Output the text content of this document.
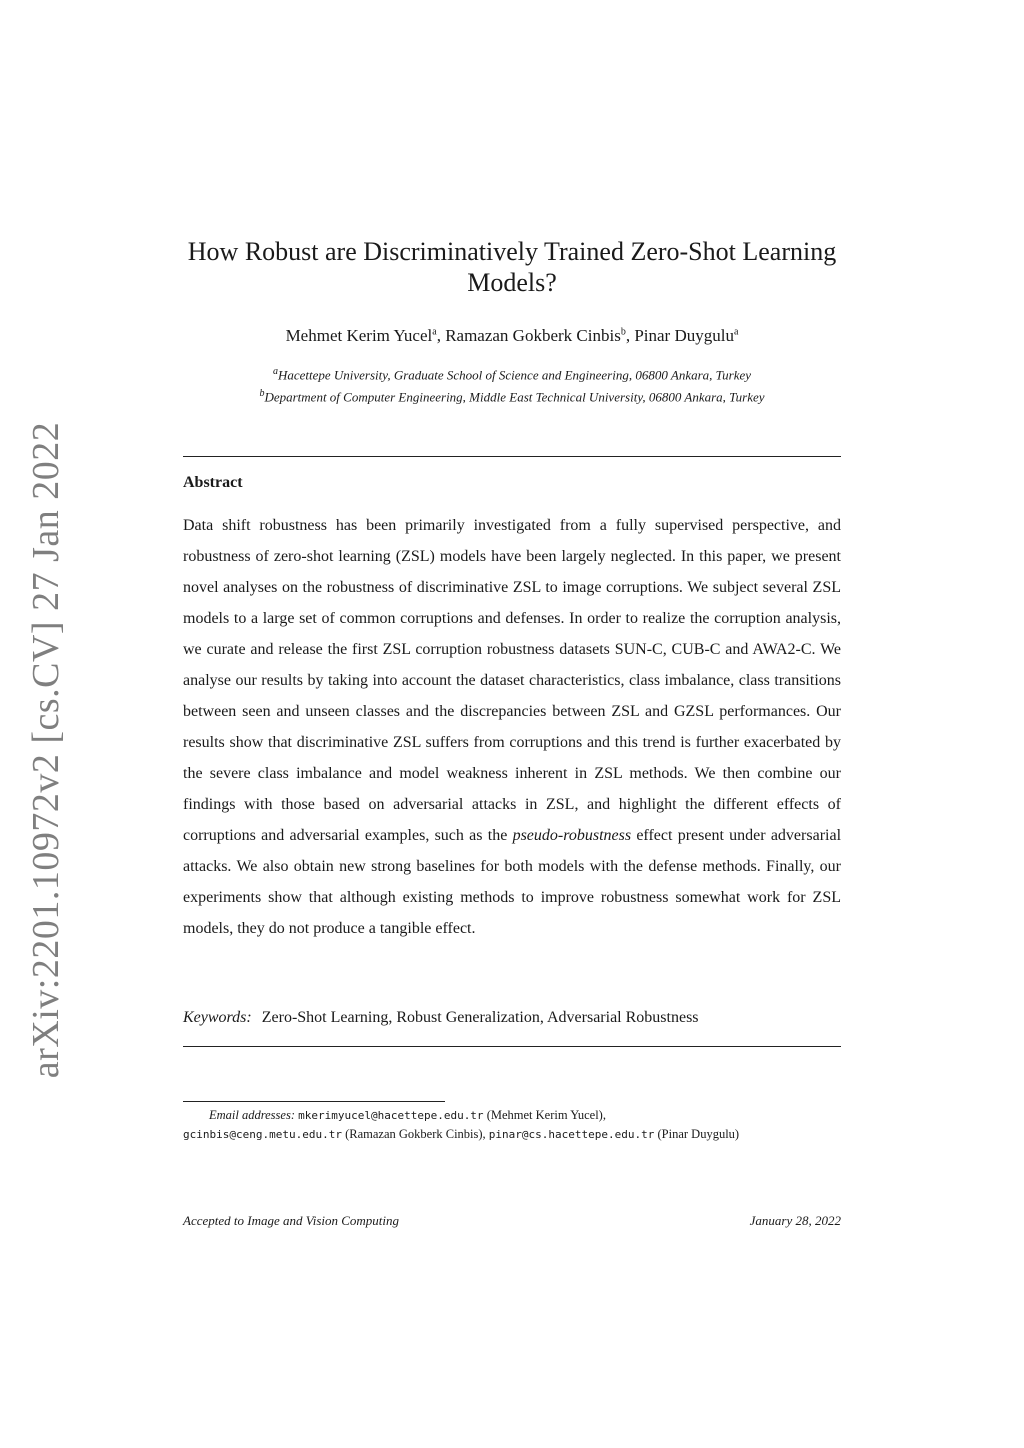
arXiv:2201.10972v2 [cs.CV] 27 Jan 2022
How Robust are Discriminatively Trained Zero-Shot Learning
Models?
Mehmet Kerim Yucel$^a$, Ramazan Gokberk Cinbis$^b$, Pinar Duygulu$^a$
$^a$Hacettepe University, Graduate School of Science and Engineering, 06800 Ankara, Turkey
$^b$Department of Computer Engineering, Middle East Technical University, 06800 Ankara, Turkey
Abstract

Data shift robustness has been primarily investigated from a fully supervised perspective, and robustness of zero-shot learning (ZSL) models have been largely neglected. In this paper, we present novel analyses on the robustness of discriminative ZSL to image corruptions. We subject several ZSL models to a large set of common corruptions and defenses. In order to realize the corruption analysis, we curate and release the first ZSL corruption robustness datasets SUN-C, CUB-C and AWA2-C. We analyse our results by taking into account the dataset characteristics, class imbalance, class transitions between seen and unseen classes and the discrepancies between ZSL and GZSL performances. Our results show that discriminative ZSL suffers from corruptions and this trend is further exacerbated by the severe class imbalance and model weakness inherent in ZSL methods. We then combine our findings with those based on adversarial attacks in ZSL, and highlight the different effects of corruptions and adversarial examples, such as the pseudo-robustness effect present under adversarial attacks. We also obtain new strong baselines for both models with the defense methods. Finally, our experiments show that although existing methods to improve robustness somewhat work for ZSL models, they do not produce a tangible effect.

Keywords: Zero-Shot Learning, Robust Generalization, Adversarial Robustness
Email addresses: mkerimyucel@hacettepe.edu.tr (Mehmet Kerim Yucel),
gcinbis@ceng.metu.edu.tr (Ramazan Gokberk Cinbis), pinar@cs.hacettepe.edu.tr (Pinar Duygulu)
Accepted to Image and Vision Computing	January 28, 2022
